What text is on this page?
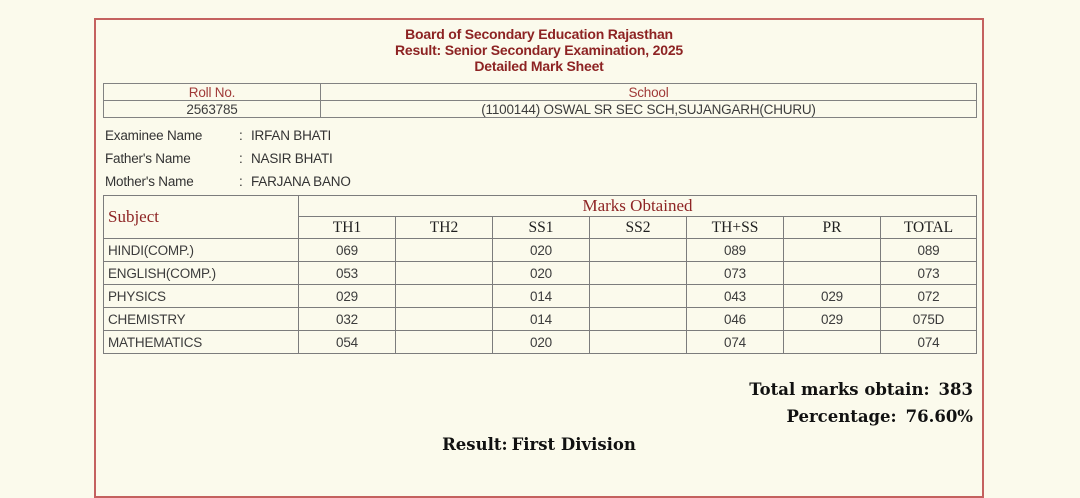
Board of Secondary Education Rajasthan
Result: Senior Secondary Examination, 2025
Detailed Mark Sheet
Roll No.	School
2563785	(1100144) OSWAL SR SEC SCH,SUJANGARH(CHURU)
Examinee Name	: IRFAN BHATI
Father's Name	: NASIR BHATI
Mother's Name	: FARJANA BANO
Subject	Marks Obtained						
	TH1	TH2	SS1	SS2	TH+SS	PR	TOTAL
HINDI(COMP.)	069		020		089		089
ENGLISH(COMP.)	053		020		073		073
PHYSICS	029		014		043	029	072
CHEMISTRY	032		014		046	029	075D
MATHEMATICS	054		020		074		074
Total marks obtain: 383
Percentage: 76.60%
Result: First Division
